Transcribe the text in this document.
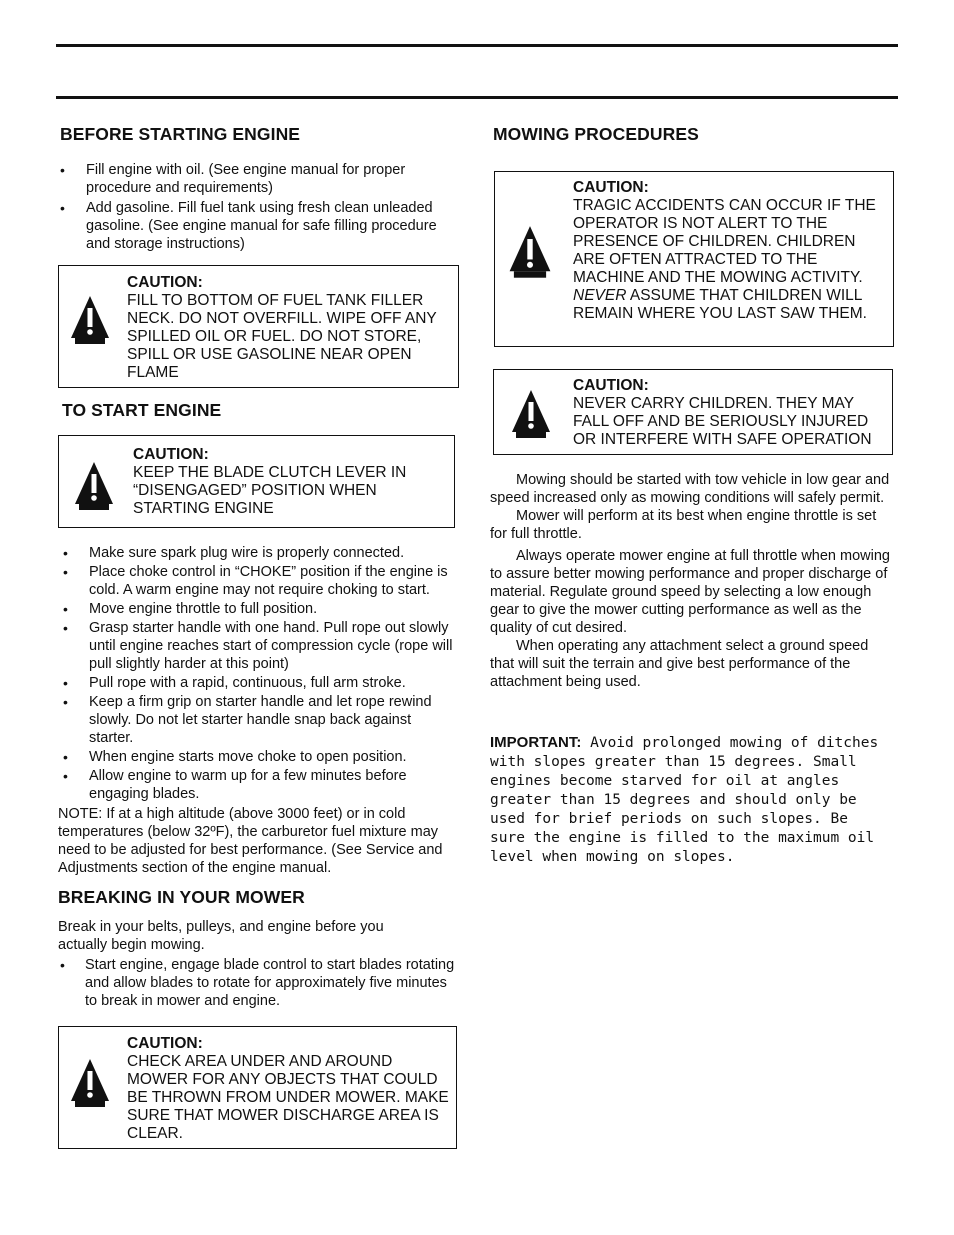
BEFORE STARTING ENGINE
• Fill engine with oil. (See engine manual for proper procedure and requirements)
• Add gasoline. Fill fuel tank using fresh clean unleaded gasoline. (See engine manual for safe filling procedure and storage instructions)
CAUTION:
FILL TO BOTTOM OF FUEL TANK FILLER NECK. DO NOT OVERFILL. WIPE OFF ANY SPILLED OIL OR FUEL. DO NOT STORE, SPILL OR USE GASOLINE NEAR OPEN FLAME
TO START ENGINE
CAUTION:
KEEP THE BLADE CLUTCH LEVER IN “DISENGAGED” POSITION WHEN STARTING ENGINE
• Make sure spark plug wire is properly connected.
• Place choke control in “CHOKE” position if the engine is cold. A warm engine may not require choking to start.
• Move engine throttle to full position.
• Grasp starter handle with one hand. Pull rope out slowly until engine reaches start of compression cycle (rope will pull slightly harder at this point)
• Pull rope with a rapid, continuous, full arm stroke.
• Keep a firm grip on starter handle and let rope rewind slowly. Do not let starter handle snap back against starter.
• When engine starts move choke to open position.
• Allow engine to warm up for a few minutes before engaging blades.

NOTE: If at a high altitude (above 3000 feet) or in cold temperatures (below 32ºF), the carburetor fuel mixture may need to be adjusted for best performance. (See Service and Adjustments section of the engine manual.

BREAKING IN YOUR MOWER

Break in your belts, pulleys, and engine before you actually begin mowing.

• Start engine, engage blade control to start blades rotating and allow blades to rotate for approximately five minutes to break in mower and engine.
CAUTION:
CHECK AREA UNDER AND AROUND MOWER FOR ANY OBJECTS THAT COULD BE THROWN FROM UNDER MOWER. MAKE SURE THAT MOWER DISCHARGE AREA IS CLEAR.
MOWING PROCEDURES
CAUTION:
TRAGIC ACCIDENTS CAN OCCUR IF THE OPERATOR IS NOT ALERT TO THE PRESENCE OF CHILDREN. CHILDREN ARE OFTEN ATTRACTED TO THE MACHINE AND THE MOWING ACTIVITY. NEVER ASSUME THAT CHILDREN WILL REMAIN WHERE YOU LAST SAW THEM.
CAUTION:
NEVER CARRY CHILDREN. THEY MAY FALL OFF AND BE SERIOUSLY INJURED OR INTERFERE WITH SAFE OPERATION

Mowing should be started with tow vehicle in low gear and speed increased only as mowing conditions will safely permit.

Mower will perform at its best when engine throttle is set for full throttle.

Always operate mower engine at full throttle when mowing to assure better mowing performance and proper discharge of material. Regulate ground speed by selecting a low enough gear to give the mower cutting performance as well as the quality of cut desired.

When operating any attachment select a ground speed that will suit the terrain and give best performance of the attachment being used.

IMPORTANT: Avoid prolonged mowing of ditches with slopes greater than 15 degrees. Small engines become starved for oil at angles greater than 15 degrees and should only be used for brief periods on such slopes. Be sure the engine is filled to the maximum oil level when mowing on slopes.
